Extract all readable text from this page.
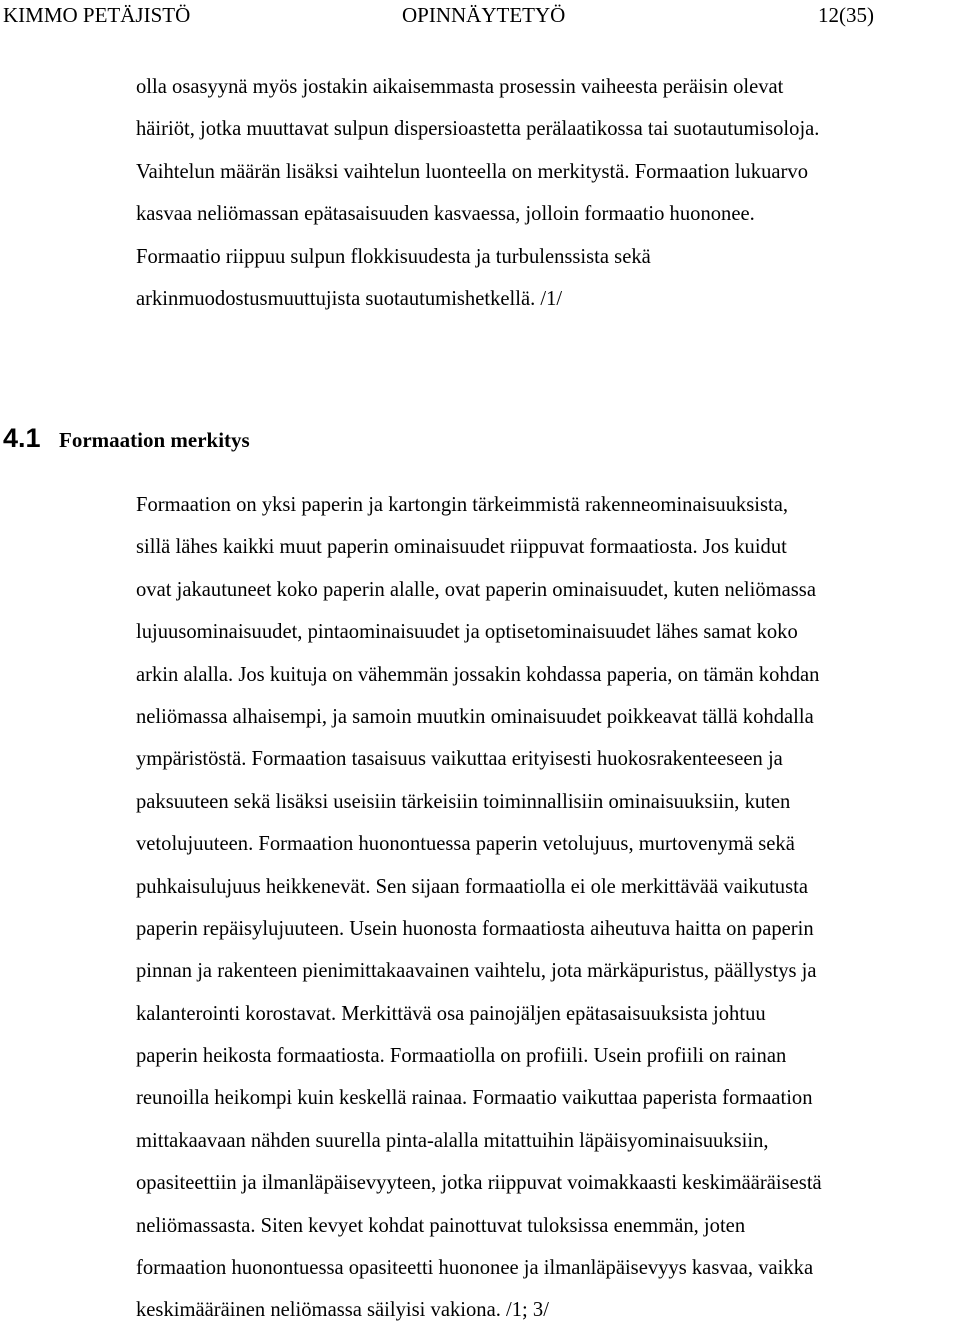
KIMMO PETÄJISTÖ	OPINNÄYTETYÖ	12(35)
olla osasyynä myös jostakin aikaisemmasta prosessin vaiheesta peräisin olevat
häiriöt, jotka muuttavat sulpun dispersioastetta perälaatikossa tai suotautumisoloja.
Vaihtelun määrän lisäksi vaihtelun luonteella on merkitystä. Formaation lukuarvo
kasvaa neliömassan epätasaisuuden kasvaessa, jolloin formaatio huononee.
Formaatio riippuu sulpun flokkisuudesta ja turbulenssista sekä
arkinmuodostusmuuttujista suotautumishetkellä. /1/
4.1 Formaation merkitys
Formaation on yksi paperin ja kartongin tärkeimmistä rakenneominaisuuksista,
sillä lähes kaikki muut paperin ominaisuudet riippuvat formaatiosta. Jos kuidut
ovat jakautuneet koko paperin alalle, ovat paperin ominaisuudet, kuten neliömassa
lujuusominaisuudet, pintaominaisuudet ja optisetominaisuudet lähes samat koko
arkin alalla. Jos kuituja on vähemmän jossakin kohdassa paperia, on tämän kohdan
neliömassa alhaisempi, ja samoin muutkin ominaisuudet poikkeavat tällä kohdalla
ympäristöstä. Formaation tasaisuus vaikuttaa erityisesti huokosrakenteeseen ja
paksuuteen sekä lisäksi useisiin tärkeisiin toiminnallisiin ominaisuuksiin, kuten
vetolujuuteen. Formaation huonontuessa paperin vetolujuus, murtovenymä sekä
puhkaisulujuus heikkenevät. Sen sijaan formaatiolla ei ole merkittävää vaikutusta
paperin repäisylujuuteen. Usein huonosta formaatiosta aiheutuva haitta on paperin
pinnan ja rakenteen pienimittakaavainen vaihtelu, jota märkäpuristus, päällystys ja
kalanterointi korostavat. Merkittävä osa painojäljen epätasaisuuksista johtuu
paperin heikosta formaatiosta. Formaatiolla on profiili. Usein profiili on rainan
reunoilla heikompi kuin keskellä rainaa. Formaatio vaikuttaa paperista formaation
mittakaavaan nähden suurella pinta-alalla mitattuihin läpäisyominaisuuksiin,
opasiteettiin ja ilmanläpäisevyyteen, jotka riippuvat voimakkaasti keskimääräisestä
neliömassasta. Siten kevyet kohdat painottuvat tuloksissa enemmän, joten
formaation huonontuessa opasiteetti huononee ja ilmanläpäisevyys kasvaa, vaikka
keskimääräinen neliömassa säilyisi vakiona. /1; 3/
